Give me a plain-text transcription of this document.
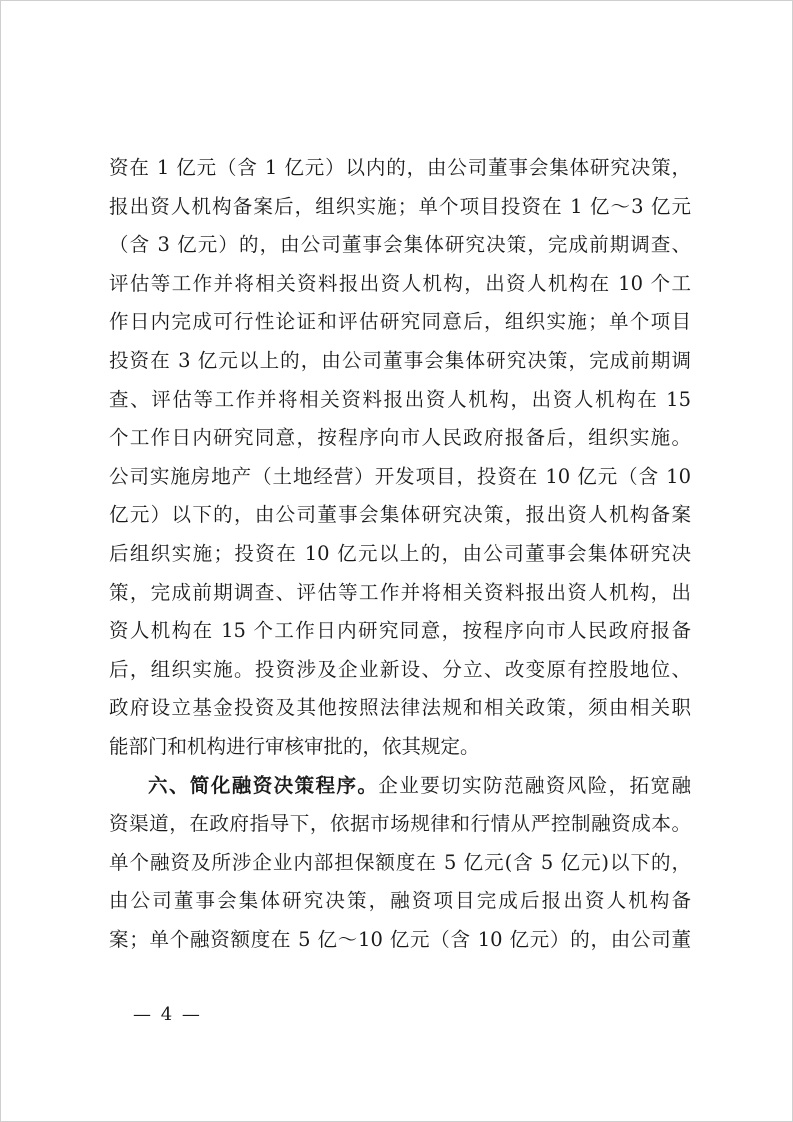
资在 1 亿元（含 1 亿元）以内的，由公司董事会集体研究决策，
报出资人机构备案后，组织实施；单个项目投资在 1 亿～3 亿元
（含 3 亿元）的，由公司董事会集体研究决策，完成前期调查、
评估等工作并将相关资料报出资人机构，出资人机构在 10 个工
作日内完成可行性论证和评估研究同意后，组织实施；单个项目
投资在 3 亿元以上的，由公司董事会集体研究决策，完成前期调
查、评估等工作并将相关资料报出资人机构，出资人机构在 15
个工作日内研究同意，按程序向市人民政府报备后，组织实施。
公司实施房地产（土地经营）开发项目，投资在 10 亿元（含 10
亿元）以下的，由公司董事会集体研究决策，报出资人机构备案
后组织实施；投资在 10 亿元以上的，由公司董事会集体研究决
策，完成前期调查、评估等工作并将相关资料报出资人机构，出
资人机构在 15 个工作日内研究同意，按程序向市人民政府报备
后，组织实施。投资涉及企业新设、分立、改变原有控股地位、
政府设立基金投资及其他按照法律法规和相关政策，须由相关职
能部门和机构进行审核审批的，依其规定。
六、简化融资决策程序。企业要切实防范融资风险，拓宽融
资渠道，在政府指导下，依据市场规律和行情从严控制融资成本。
单个融资及所涉企业内部担保额度在 5 亿元(含 5 亿元)以下的，
由公司董事会集体研究决策，融资项目完成后报出资人机构备
案；单个融资额度在 5 亿～10 亿元（含 10 亿元）的，由公司董
— 4 —
